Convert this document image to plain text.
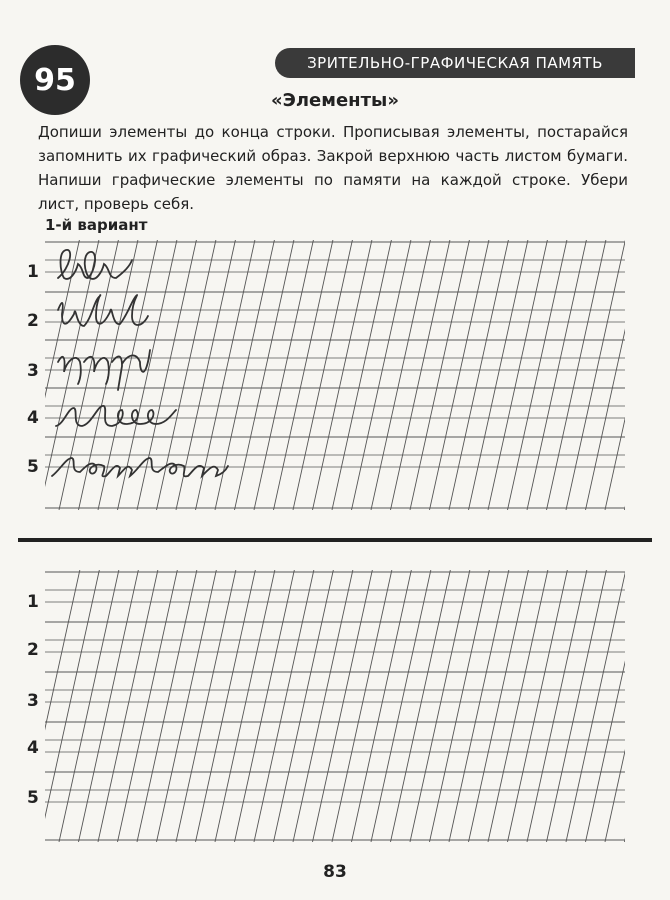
95	ЗРИТЕЛЬНО-ГРАФИЧЕСКАЯ ПАМЯТЬ
«Элементы»
Допиши элементы до конца строки. Прописывая элементы, постарайся запомнить их графический образ. Закрой верхнюю часть листом бумаги. Напиши графические элементы по памяти на каждой строке. Убери лист, проверь себя.
1-й вариант
1
2
3
4
5
1
2
3
4
5
83
